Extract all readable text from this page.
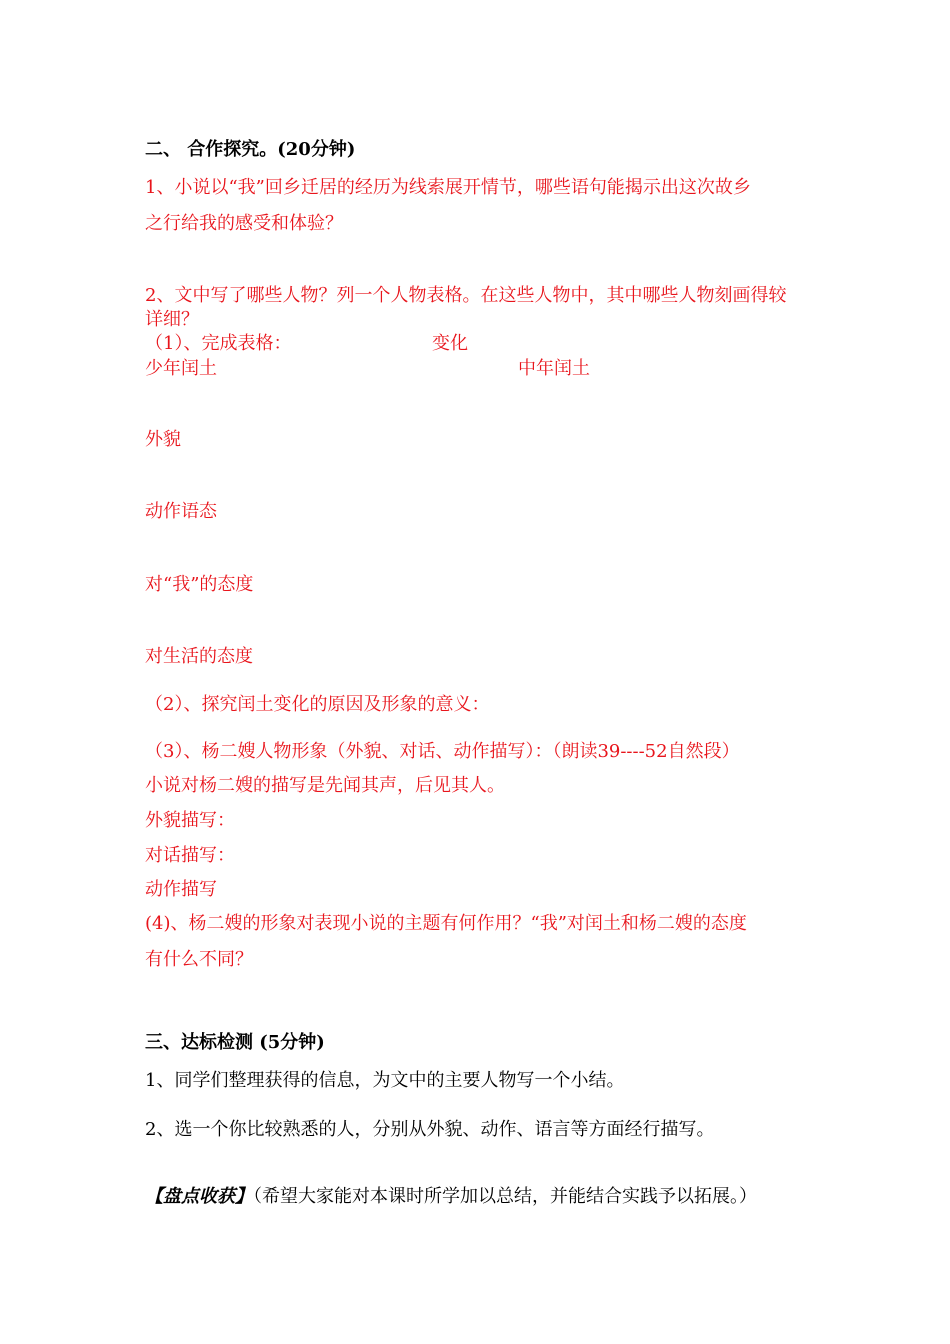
二、 合作探究。(20分钟)
1、小说以“我”回乡迁居的经历为线索展开情节，哪些语句能揭示出这次故乡
之行给我的感受和体验？
2、文中写了哪些人物？列一个人物表格。在这些人物中，其中哪些人物刻画得较
详细？
（1）、完成表格：	变化
少年闰土	中年闰土
外貌
动作语态
对“我”的态度
对生活的态度
（2）、探究闰土变化的原因及形象的意义：
（3）、杨二嫂人物形象（外貌、对话、动作描写）：（朗读39----52自然段）
小说对杨二嫂的描写是先闻其声，后见其人。
外貌描写：
对话描写：
动作描写
(4)、杨二嫂的形象对表现小说的主题有何作用？“我”对闰土和杨二嫂的态度
有什么不同？
三、达标检测 (5分钟)
1、同学们整理获得的信息，为文中的主要人物写一个小结。
2、选一个你比较熟悉的人，分别从外貌、动作、语言等方面经行描写。
【盘点收获】（希望大家能对本课时所学加以总结，并能结合实践予以拓展。）
